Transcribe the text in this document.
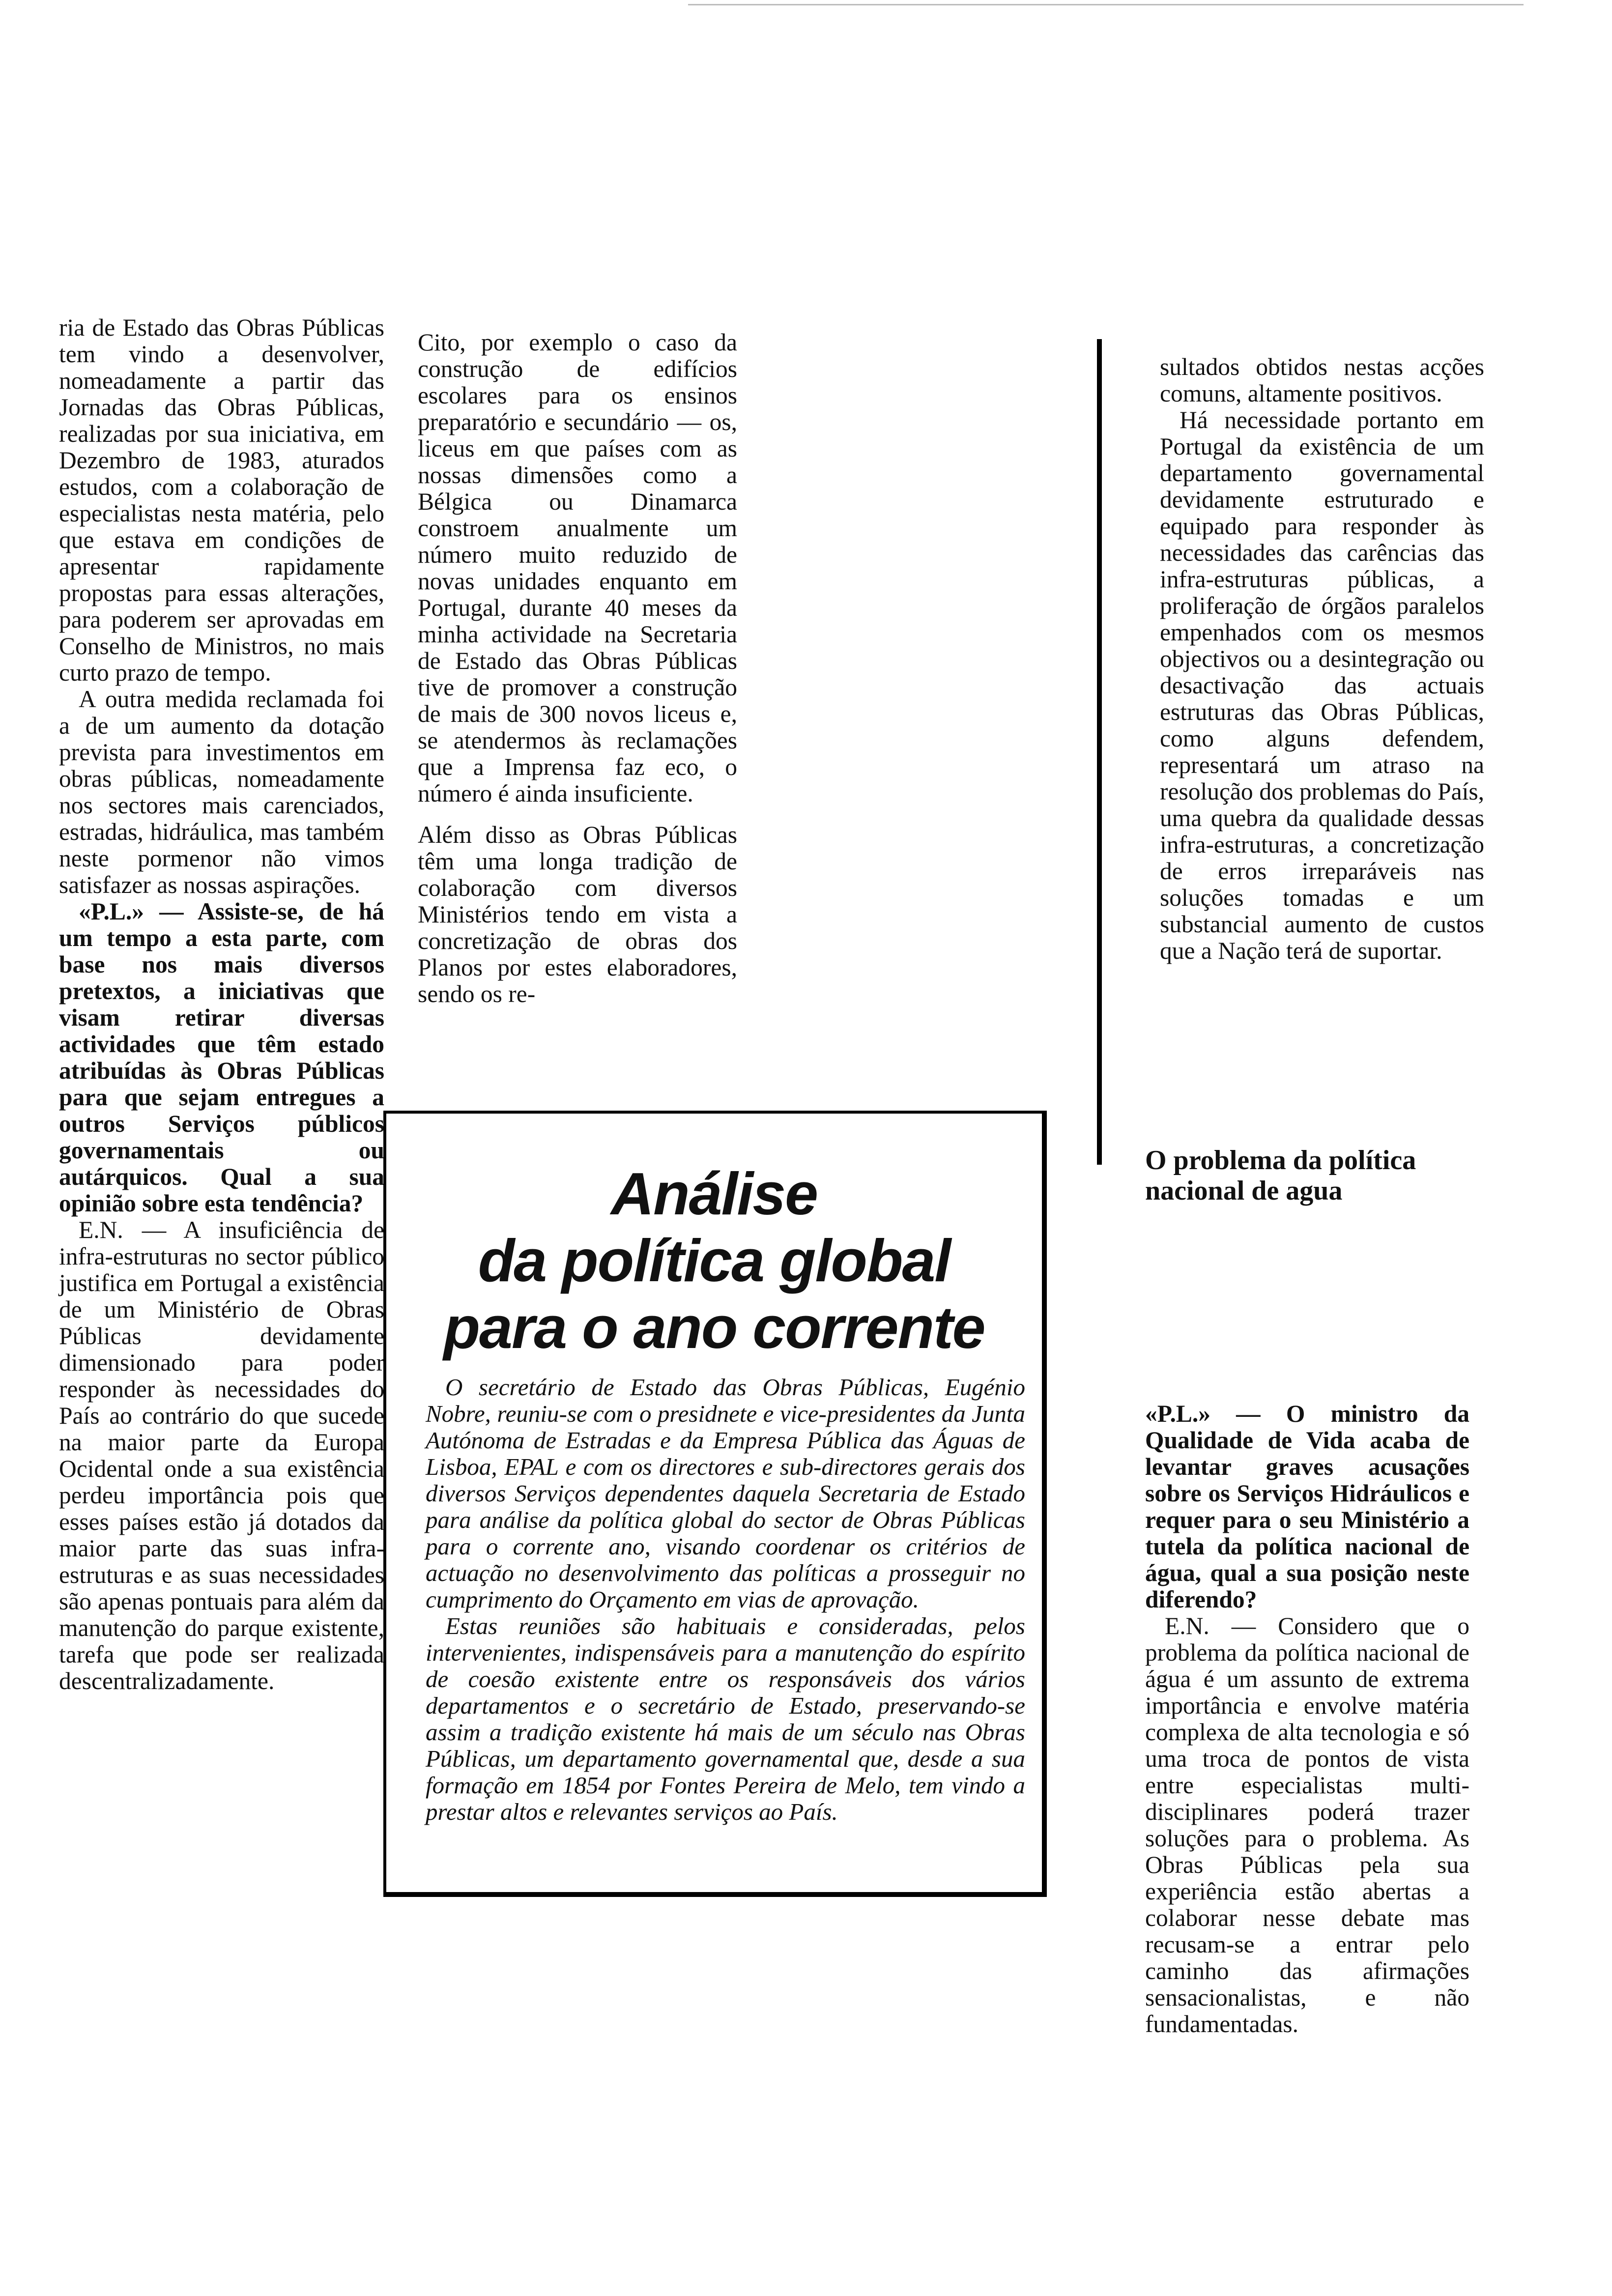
ria de Estado das Obras Públicas tem vindo a desenvolver, nomeadamente a partir das Jornadas das Obras Públicas, realizadas por sua iniciativa, em Dezembro de 1983, aturados estudos, com a colaboração de especialistas nesta matéria, pelo que estava em condições de apresentar rapidamente propostas para essas alterações, para poderem ser aprovadas em Conselho de Ministros, no mais curto prazo de tempo.

A outra medida reclamada foi a de um aumento da dotação prevista para investimentos em obras públicas, nomeadamente nos sectores mais carenciados, estradas, hidráulica, mas também neste pormenor não vimos satisfazer as nossas aspirações.

«P.L.» — Assiste-se, de há um tempo a esta parte, com base nos mais diversos pretextos, a iniciativas que visam retirar diversas actividades que têm estado atribuídas às Obras Públicas para que sejam entregues a outros Serviços públicos governamentais ou autárquicos. Qual a sua opinião sobre esta tendência?

E.N. — A insuficiência de infra-estruturas no sector público justifica em Portugal a existência de um Ministério de Obras Públicas devidamente dimensionado para poder responder às necessidades do País ao contrário do que sucede na maior parte da Europa Ocidental onde a sua existência perdeu importância pois que esses países estão já dotados da maior parte das suas infra-estruturas e as suas necessidades são apenas pontuais para além da manutenção do parque existente, tarefa que pode ser realizada descentralizadamente.

Cito, por exemplo o caso da construção de edifícios escolares para os ensinos preparatório e secundário — os, liceus em que países com as nossas dimensões como a Bélgica ou Dinamarca constroem anualmente um número muito reduzido de novas unidades enquanto em Portugal, durante 40 meses da minha actividade na Secretaria de Estado das Obras Públicas tive de promover a construção de mais de 300 novos liceus e, se atendermos às reclamações que a Imprensa faz eco, o número é ainda insuficiente.

Além disso as Obras Públicas têm uma longa tradição de colaboração com diversos Ministérios tendo em vista a concretização de obras dos Planos por estes elaboradores, sendo os re-

sultados obtidos nestas acções comuns, altamente positivos.

Há necessidade portanto em Portugal da existência de um departamento governamental devidamente estruturado e equipado para responder às necessidades das carências das infra-estruturas públicas, a proliferação de órgãos paralelos empenhados com os mesmos objectivos ou a desintegração ou desactivação das actuais estruturas das Obras Públicas, como alguns defendem, representará um atraso na resolução dos problemas do País, uma quebra da qualidade dessas infra-estruturas, a concretização de erros irreparáveis nas soluções tomadas e um substancial aumento de custos que a Nação terá de suportar.

O problema da política nacional de agua

«P.L.» — O ministro da Qualidade de Vida acaba de levantar graves acusações sobre os Serviços Hidráulicos e requer para o seu Ministério a tutela da política nacional de água, qual a sua posição neste diferendo?

E.N. — Considero que o problema da política nacional de água é um assunto de extrema importância e envolve matéria complexa de alta tecnologia e só uma troca de pontos de vista entre especialistas multi-disciplinares poderá trazer soluções para o problema. As Obras Públicas pela sua experiência estão abertas a colaborar nesse debate mas recusam-se a entrar pelo caminho das afirmações sensacionalistas, e não fundamentadas.

Análise
da política global
para o ano corrente

O secretário de Estado das Obras Públicas, Eugénio Nobre, reuniu-se com o presidnete e vice-presidentes da Junta Autónoma de Estradas e da Empresa Pública das Águas de Lisboa, EPAL e com os directores e sub-directores gerais dos diversos Serviços dependentes daquela Secretaria de Estado para análise da política global do sector de Obras Públicas para o corrente ano, visando coordenar os critérios de actuação no desenvolvimento das políticas a prosseguir no cumprimento do Orçamento em vias de aprovação.

Estas reuniões são habituais e consideradas, pelos intervenientes, indispensáveis para a manutenção do espírito de coesão existente entre os responsáveis dos vários departamentos e o secretário de Estado, preservando-se assim a tradição existente há mais de um século nas Obras Públicas, um departamento governamental que, desde a sua formação em 1854 por Fontes Pereira de Melo, tem vindo a prestar altos e relevantes serviços ao País.
